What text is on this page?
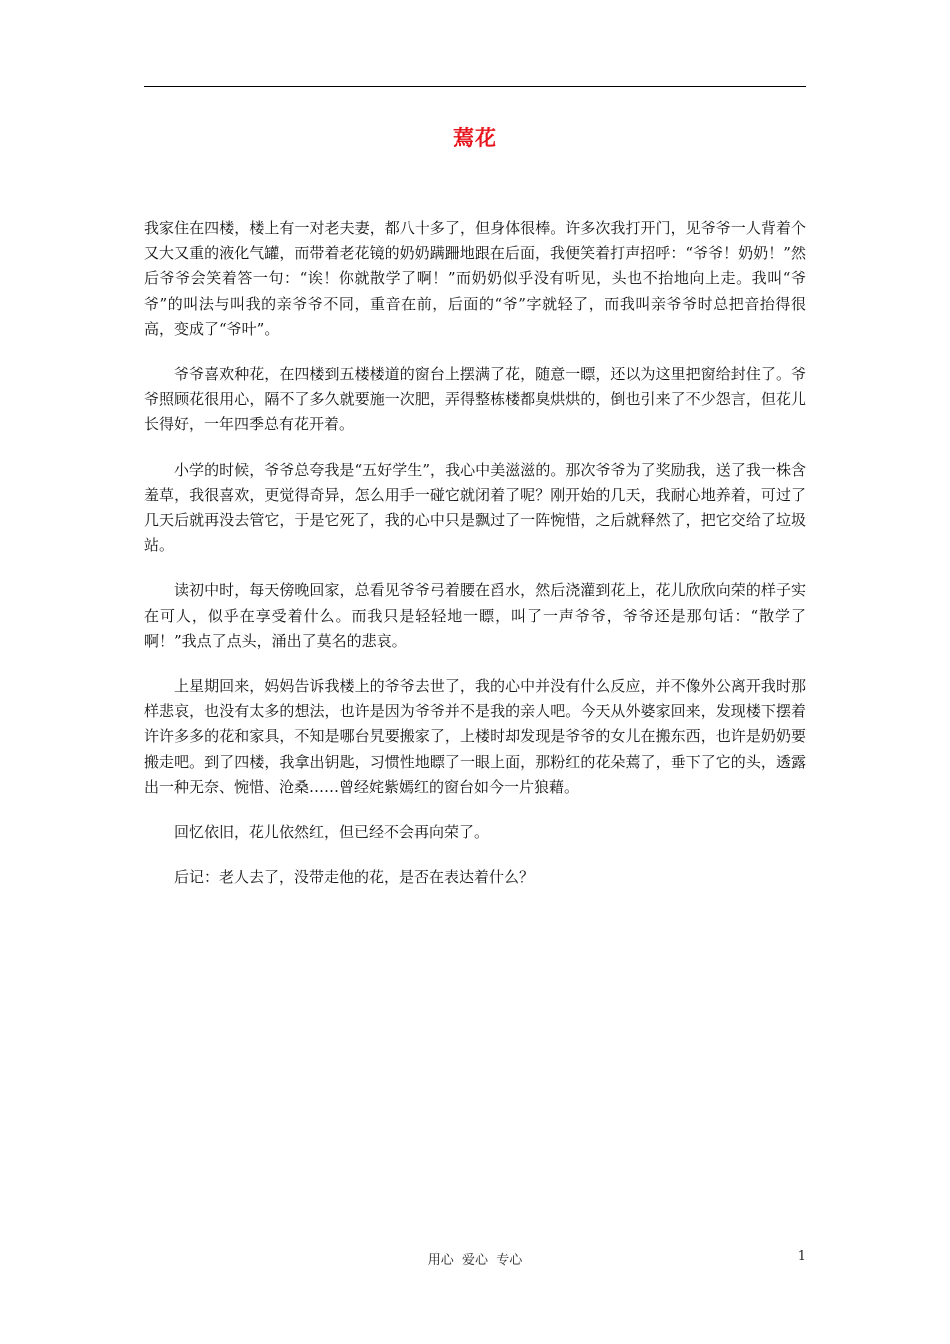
蔫花

我家住在四楼，楼上有一对老夫妻，都八十多了，但身体很棒。许多次我打开门，见爷爷一人背着个又大又重的液化气罐，而带着老花镜的奶奶蹒跚地跟在后面，我便笑着打声招呼：“爷爷！奶奶！”然后爷爷会笑着答一句：“诶！你就散学了啊！”而奶奶似乎没有听见，头也不抬地向上走。我叫“爷爷”的叫法与叫我的亲爷爷不同，重音在前，后面的“爷”字就轻了，而我叫亲爷爷时总把音抬得很高，变成了“爷叶”。

爷爷喜欢种花，在四楼到五楼楼道的窗台上摆满了花，随意一瞟，还以为这里把窗给封住了。爷爷照顾花很用心，隔不了多久就要施一次肥，弄得整栋楼都臭烘烘的，倒也引来了不少怨言，但花儿长得好，一年四季总有花开着。

小学的时候，爷爷总夸我是“五好学生”，我心中美滋滋的。那次爷爷为了奖励我，送了我一株含羞草，我很喜欢，更觉得奇异，怎么用手一碰它就闭着了呢？刚开始的几天，我耐心地养着，可过了几天后就再没去管它，于是它死了，我的心中只是飘过了一阵惋惜，之后就释然了，把它交给了垃圾站。

读初中时，每天傍晚回家，总看见爷爷弓着腰在舀水，然后浇灌到花上，花儿欣欣向荣的样子实在可人，似乎在享受着什么。而我只是轻轻地一瞟，叫了一声爷爷，爷爷还是那句话：“散学了啊！”我点了点头，涌出了莫名的悲哀。

上星期回来，妈妈告诉我楼上的爷爷去世了，我的心中并没有什么反应，并不像外公离开我时那样悲哀，也没有太多的想法，也许是因为爷爷并不是我的亲人吧。今天从外婆家回来，发现楼下摆着许许多多的花和家具，不知是哪台旯要搬家了，上楼时却发现是爷爷的女儿在搬东西，也许是奶奶要搬走吧。到了四楼，我拿出钥匙，习惯性地瞟了一眼上面，那粉红的花朵蔫了，垂下了它的头，透露出一种无奈、惋惜、沧桑……曾经姹紫嫣红的窗台如今一片狼藉。

回忆依旧，花儿依然红，但已经不会再向荣了。

后记：老人去了，没带走他的花，是否在表达着什么？

用心  爱心  专心	1
